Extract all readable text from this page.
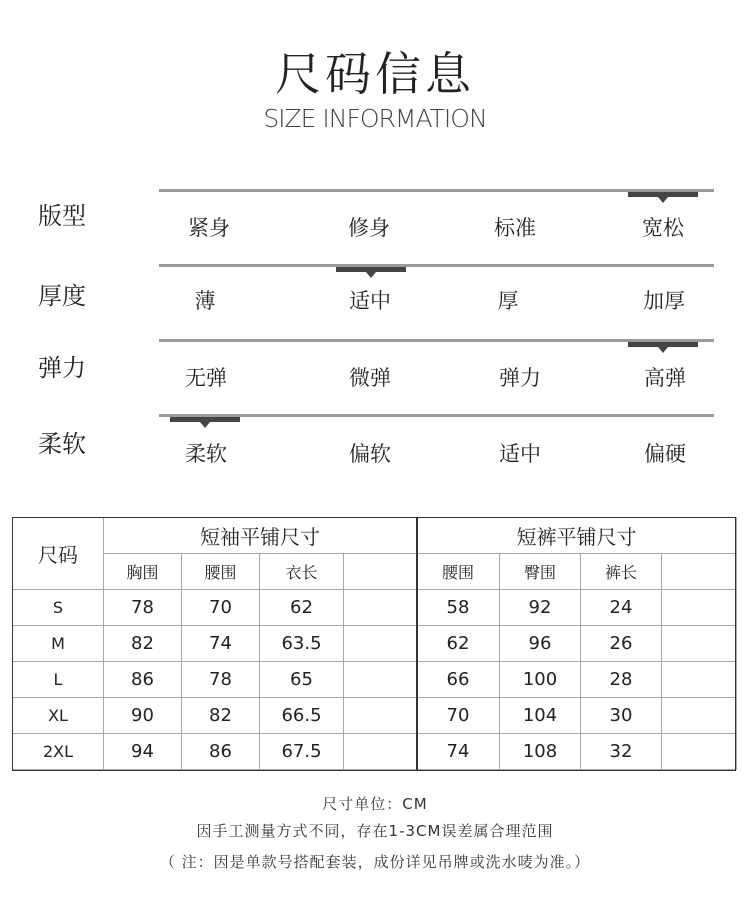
尺码信息
SIZE INFORMATION
版型	紧身	修身	标准	宽松
厚度	薄	适中	厚	加厚
弹力	无弹	微弹	弹力	高弹
柔软	柔软	偏软	适中	偏硬
尺码	短袖平铺尺寸				短裤平铺尺寸			
	胸围	腰围	衣长		腰围	臀围	裤长	
S	78	70	62		58	92	24	
M	82	74	63.5		62	96	26	
L	86	78	65		66	100	28	
XL	90	82	66.5		70	104	30	
2XL	94	86	67.5		74	108	32	
尺寸单位：CM
因手工测量方式不同，存在1-3CM误差属合理范围
（ 注：因是单款号搭配套装，成份详见吊牌或洗水唛为准。）
